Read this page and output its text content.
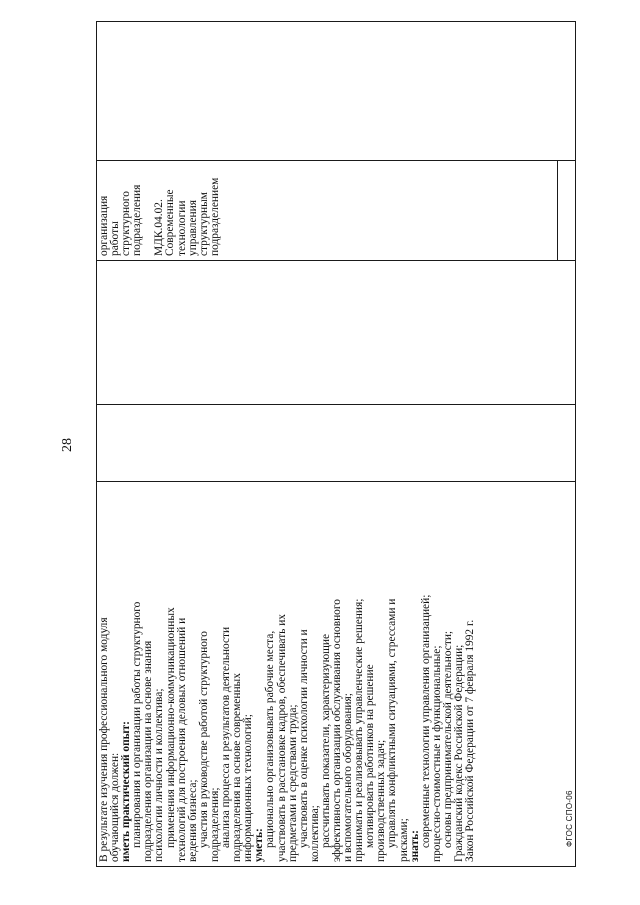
28
В результате изучения профессионального модуля обучающийся должен: иметь практический опыт: планирования и организации работы структурного подразделения организации на основе знания психологии личности и коллектива; применения информационно-коммуникационных технологий для построения деловых отношений и ведения бизнеса; участия в руководстве работой структурного подразделения; анализа процесса и результатов деятельности подразделения на основе современных информационных технологий; уметь: рационально организовывать рабочие места, участвовать в расстановке кадров, обеспечивать их предметами и средствами труда; участвовать в оценке психологии личности и коллектива; рассчитывать показатели, характеризующие эффективность организации обслуживания основного и вспомогательного оборудования; принимать и реализовывать управленческие решения; мотивировать работников на решение производственных задач; управлять конфликтными ситуациями, стрессами и рисками; знать: современные технологии управления организацией; процессно-стоимостные и функциональные; основы предпринимательской деятельности; Гражданский кодекс Российской Федерации; Закон Российской Федерации от 7 февраля 1992 г.

организация работы структурного подразделения МДК.04.02. Современные технологии управления структурным подразделением

ФГОС СПО-06
